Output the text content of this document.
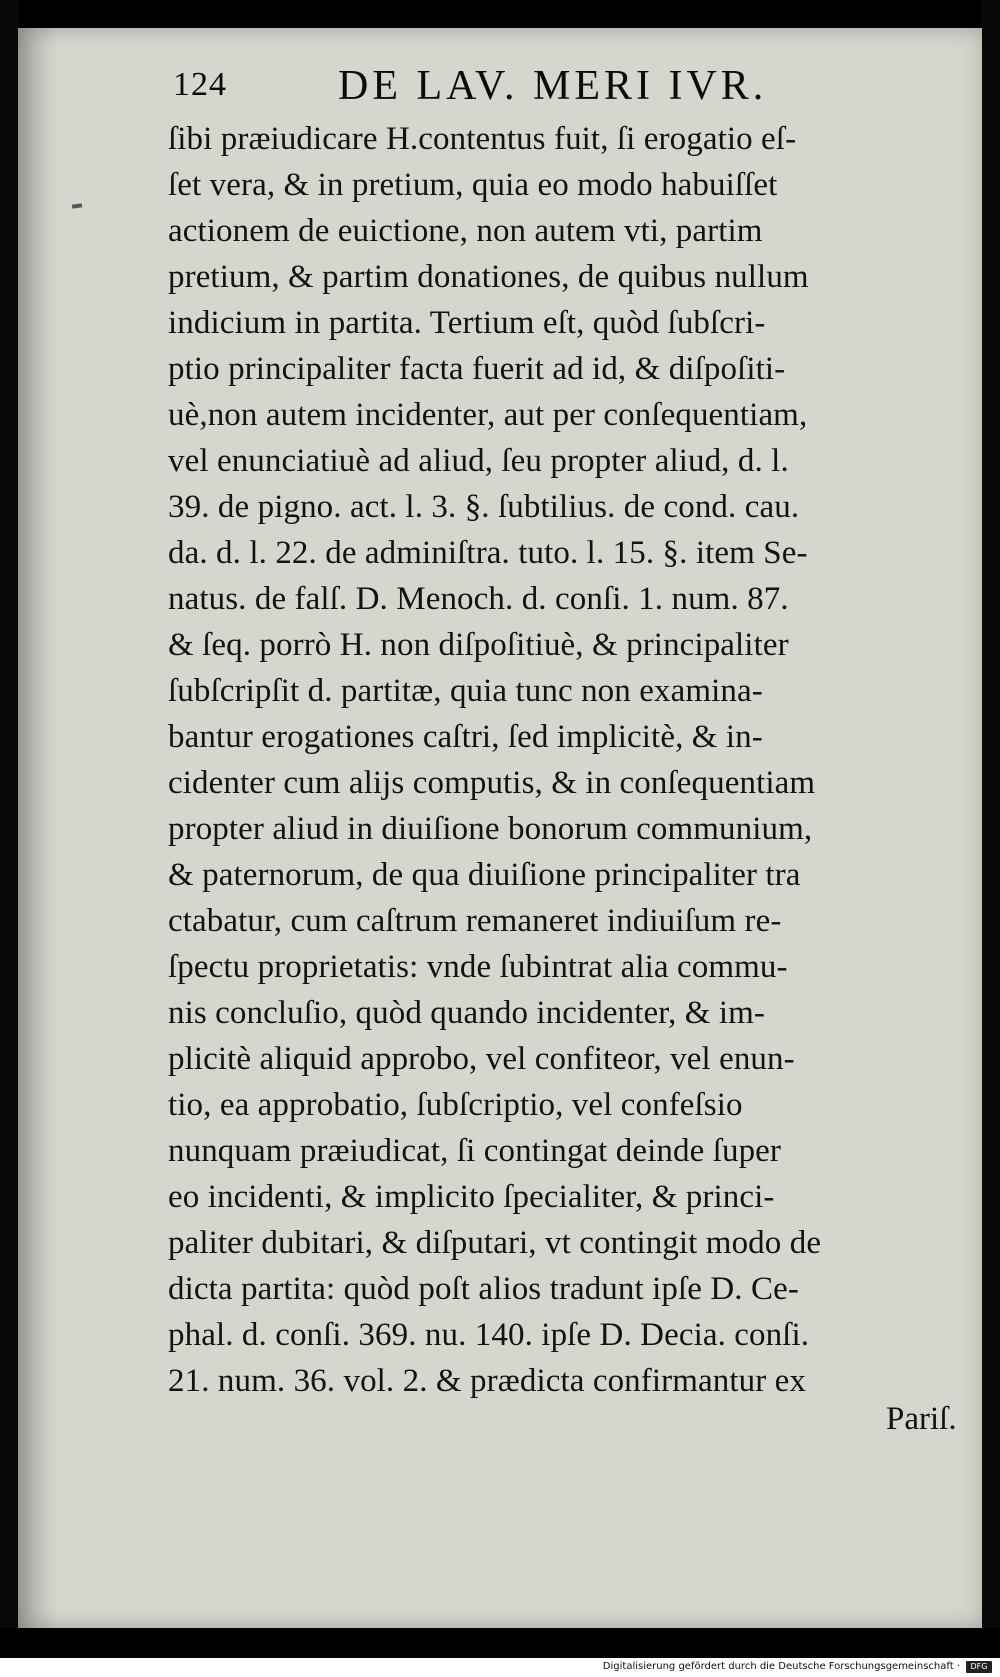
124	DE LAV. MERI IVR.
ſibi præiudicare H.contentus fuit, ſi erogatio eſ-
ſet vera, & in pretium, quia eo modo habuiſſet
actionem de euictione, non autem vti, partim
pretium, & partim donationes, de quibus nullum
indicium in partita. Tertium eſt, quòd ſubſcri-
ptio principaliter facta fuerit ad id, & diſpoſiti-
uè,non autem incidenter, aut per conſequentiam,
vel enunciatiuè ad aliud, ſeu propter aliud, d. l.
39. de pigno. act. l. 3. §. ſubtilius. de cond. cau.
da. d. l. 22. de adminiſtra. tuto. l. 15. §. item Se-
natus. de falſ. D. Menoch. d. conſi. 1. num. 87.
& ſeq. porrò H. non diſpoſitiuè, & principaliter
ſubſcripſit d. partitæ, quia tunc non examina-
bantur erogationes caſtri, ſed implicitè, & in-
cidenter cum alijs computis, & in conſequentiam
propter aliud in diuiſione bonorum communium,
& paternorum, de qua diuiſione principaliter tra
ctabatur, cum caſtrum remaneret indiuiſum re-
ſpectu proprietatis: vnde ſubintrat alia commu-
nis concluſio, quòd quando incidenter, & im-
plicitè aliquid approbo, vel confiteor, vel enun-
tio, ea approbatio, ſubſcriptio, vel confeſsio
nunquam præiudicat, ſi contingat deinde ſuper
eo incidenti, & implicito ſpecialiter, & princi-
paliter dubitari, & diſputari, vt contingit modo de
dicta partita: quòd poſt alios tradunt ipſe D. Ce-
phal. d. conſi. 369. nu. 140. ipſe D. Decia. conſi.
21. num. 36. vol. 2. & prædicta confirmantur ex
Pariſ.
Digitalisierung gefördert durch die Deutsche Forschungsgemeinschaft ·	DFG
